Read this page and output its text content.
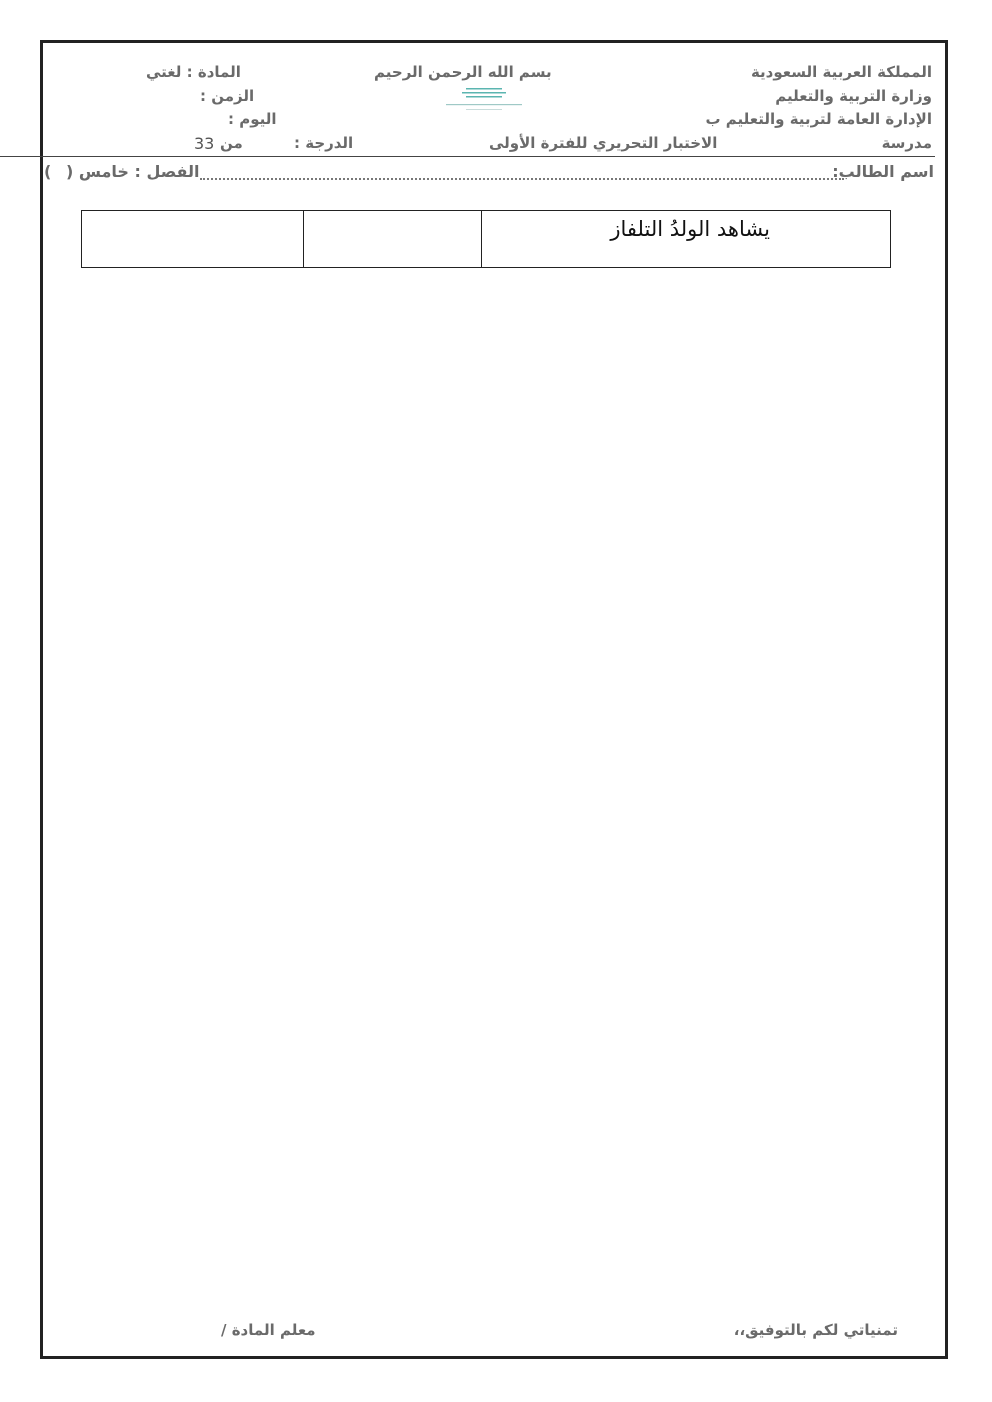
المملكة العربية السعودية
وزارة التربية والتعليم
الإدارة العامة لتربية والتعليم ب
مدرسة
بسم الله الرحمن الرحيم
الاختبار التحريري للفترة الأولى
المادة : لغتي
الزمن :
اليوم :
الدرجة :
من
33
اسم الطالب:
الفصل : خامس (
)
يشاهد الولدُ التلفاز

تمنياتي لكم بالتوفيق،،
معلم المادة /
